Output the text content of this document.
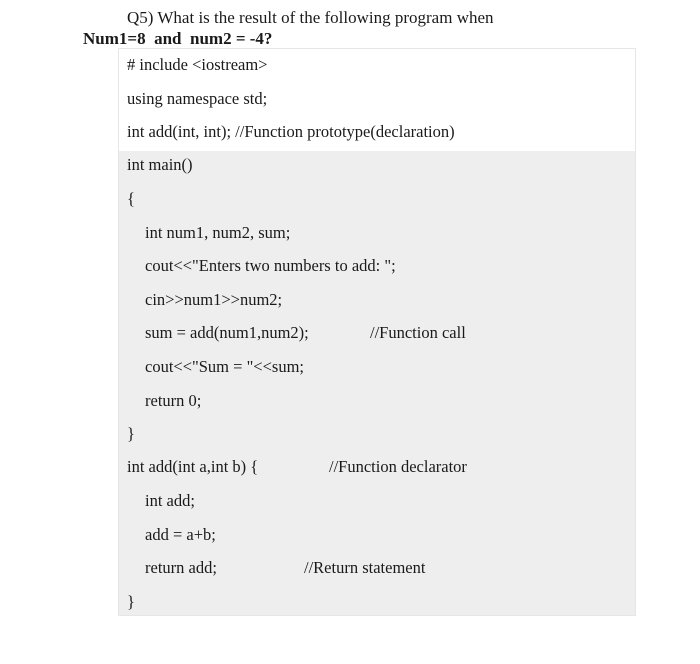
Q5) What is the result of the following program when
Num1=8 and num2 = -4?
# include <iostream>
using namespace std;
int add(int, int); //Function prototype(declaration)
int main()
{
int num1, num2, sum;
cout<<"Enters two numbers to add: ";
cin>>num1>>num2;
sum = add(num1,num2);	//Function call
cout<<"Sum = "<<sum;
return 0;
}
int add(int a,int b) {	//Function declarator
int add;
add = a+b;
return add;	//Return statement
}
